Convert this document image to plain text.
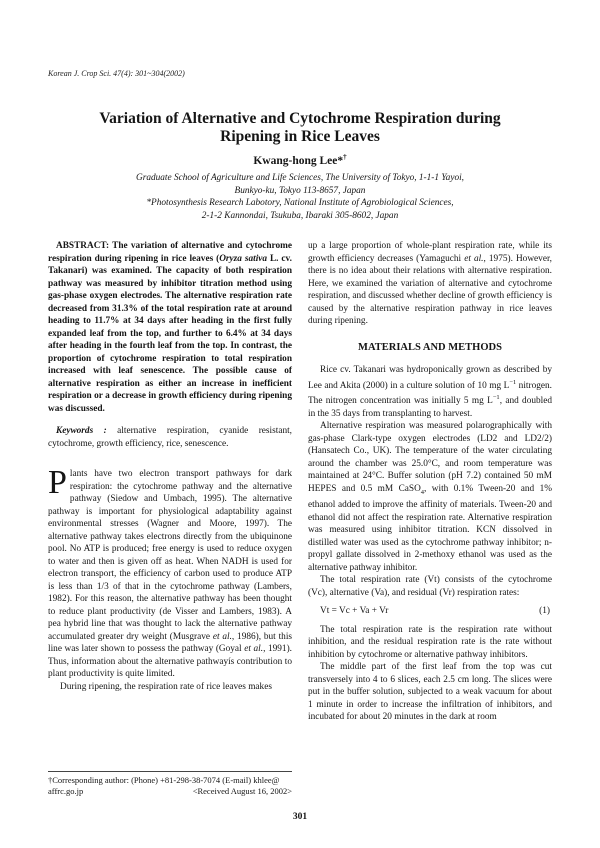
Korean J. Crop Sci. 47(4): 301~304(2002)
Variation of Alternative and Cytochrome Respiration during
Ripening in Rice Leaves
Kwang-hong Lee*†
Graduate School of Agriculture and Life Sciences, The University of Tokyo, 1-1-1 Yayoi,
Bunkyo-ku, Tokyo 113-8657, Japan
*Photosynthesis Research Labotory, National Institute of Agrobiological Sciences,
2-1-2 Kannondai, Tsukuba, Ibaraki 305-8602, Japan

ABSTRACT: The variation of alternative and cytochrome respiration during ripening in rice leaves (Oryza sativa L. cv. Takanari) was examined. The capacity of both respiration pathway was measured by inhibitor titration method using gas-phase oxygen electrodes. The alternative respiration rate decreased from 31.3% of the total respiration rate at around heading to 11.7% at 34 days after heading in the first fully expanded leaf from the top, and further to 6.4% at 34 days after heading in the fourth leaf from the top. In contrast, the proportion of cytochrome respiration to total respiration increased with leaf senescence. The possible cause of alternative respiration as either an increase in inefficient respiration or a decrease in growth efficiency during ripening was discussed.

Keywords : alternative respiration, cyanide resistant, cytochrome, growth efficiency, rice, senescence.

Plants have two electron transport pathways for dark respiration: the cytochrome pathway and the alternative pathway (Siedow and Umbach, 1995). The alternative pathway is important for physiological adaptability against environmental stresses (Wagner and Moore, 1997). The alternative pathway takes electrons directly from the ubiquinone pool. No ATP is produced; free energy is used to reduce oxygen to water and then is given off as heat. When NADH is used for electron transport, the efficiency of carbon used to produce ATP is less than 1/3 of that in the cytochrome pathway (Lambers, 1982). For this reason, the alternative pathway has been thought to reduce plant productivity (de Visser and Lambers, 1983). A pea hybrid line that was thought to lack the alternative pathway accumulated greater dry weight (Musgrave et al., 1986), but this line was later shown to possess the pathway (Goyal et al., 1991). Thus, information about the alternative pathwayís contribution to plant productivity is quite limited.

During ripening, the respiration rate of rice leaves makes

up a large proportion of whole-plant respiration rate, while its growth efficiency decreases (Yamaguchi et al., 1975). However, there is no idea about their relations with alternative respiration. Here, we examined the variation of alternative and cytochrome respiration, and discussed whether decline of growth efficiency is caused by the alternative respiration pathway in rice leaves during ripening.

MATERIALS AND METHODS

Rice cv. Takanari was hydroponically grown as described by Lee and Akita (2000) in a culture solution of 10 mg $L^{-1}$ nitrogen. The nitrogen concentration was initially 5 mg $L^{-1}$, and doubled in the 35 days from transplanting to harvest.

Alternative respiration was measured polarographically with gas-phase Clark-type oxygen electrodes (LD2 and LD2/2) (Hansatech Co., UK). The temperature of the water circulating around the chamber was 25.0°C, and room temperature was maintained at 24°C. Buffer solution (pH 7.2) contained 50 mM HEPES and 0.5 mM CaSO$_4$, with 0.1% Tween-20 and 1% ethanol added to improve the affinity of materials. Tween-20 and ethanol did not affect the respiration rate. Alternative respiration was measured using inhibitor titration. KCN dissolved in distilled water was used as the cytochrome pathway inhibitor; n-propyl gallate dissolved in 2-methoxy ethanol was used as the alternative pathway inhibitor.

The total respiration rate (Vt) consists of the cytochrome (Vc), alternative (Va), and residual (Vr) respiration rates:

Vt = Vc + Va + Vr	(1)

The total respiration rate is the respiration rate without inhibition, and the residual respiration rate is the rate without inhibition by cytochrome or alternative pathway inhibitors.

The middle part of the first leaf from the top was cut transversely into 4 to 6 slices, each 2.5 cm long. The slices were put in the buffer solution, subjected to a weak vacuum for about 1 minute in order to increase the infiltration of inhibitors, and incubated for about 20 minutes in the dark at room

†Corresponding author: (Phone) +81-298-38-7074 (E-mail) khlee@
affrc.go.jp	<Received August 16, 2002>
301
